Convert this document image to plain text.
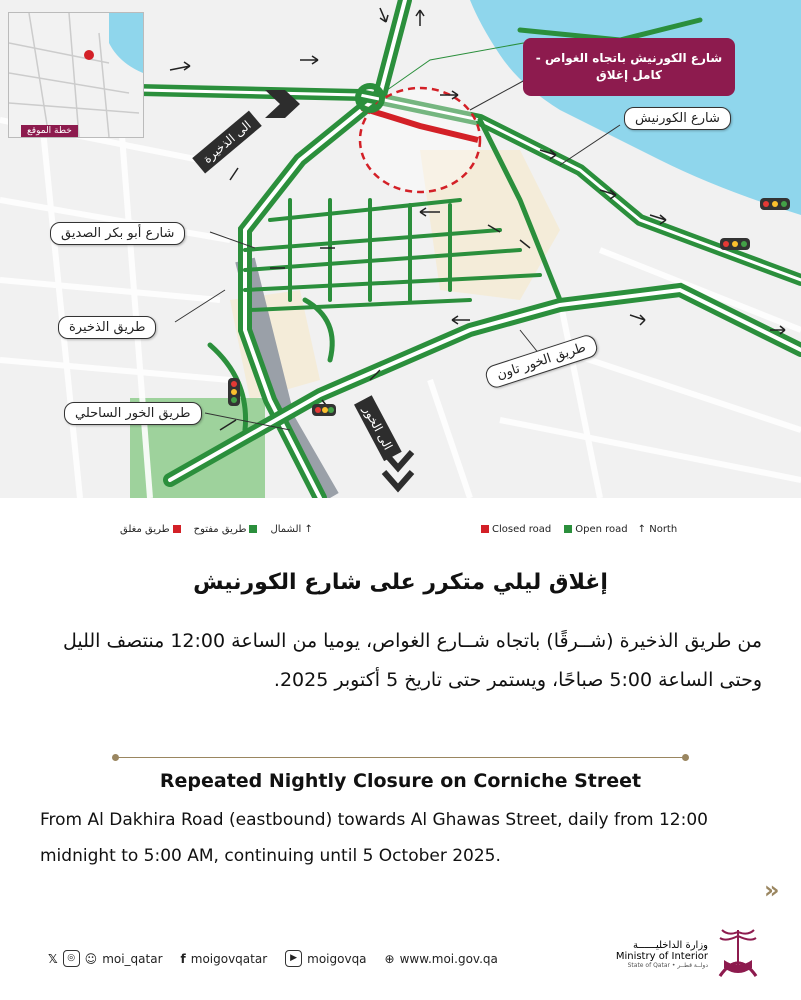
خطة الموقع
- شارع الكورنيش باتجاه الغواص
كامل إغلاق
شارع الكورنيش
شارع أبو بكر الصديق
طريق الذخيرة
طريق الخور الساحلي
طريق الخور تاون
الى الذخيرة
الى الخور
طريق مغلق	طريق مفتوح	الشمال ↑	Closed road	Open road ↑ North
إغلاق ليلي متكرر على شارع الكورنيش
من طريق الذخيرة (شــرقًا) باتجاه شــارع الغواص، يوميا من الساعة 12:00 منتصف الليل وحتى الساعة 5:00 صباحًا، ويستمر حتى تاريخ 5 أكتوبر 2025.
Repeated Nightly Closure on Corniche Street
From Al Dakhira Road (eastbound) towards Al Ghawas Street, daily from 12:00 midnight to 5:00 AM, continuing until 5 October 2025.
»
𝕏	◎ ☺ moi_qatar f moigovqatar	▶ moigovqa ⊕ www.moi.gov.qa
وزارة الداخليــــــة
Ministry of Interior
State of Qatar • دولــة قطــر
